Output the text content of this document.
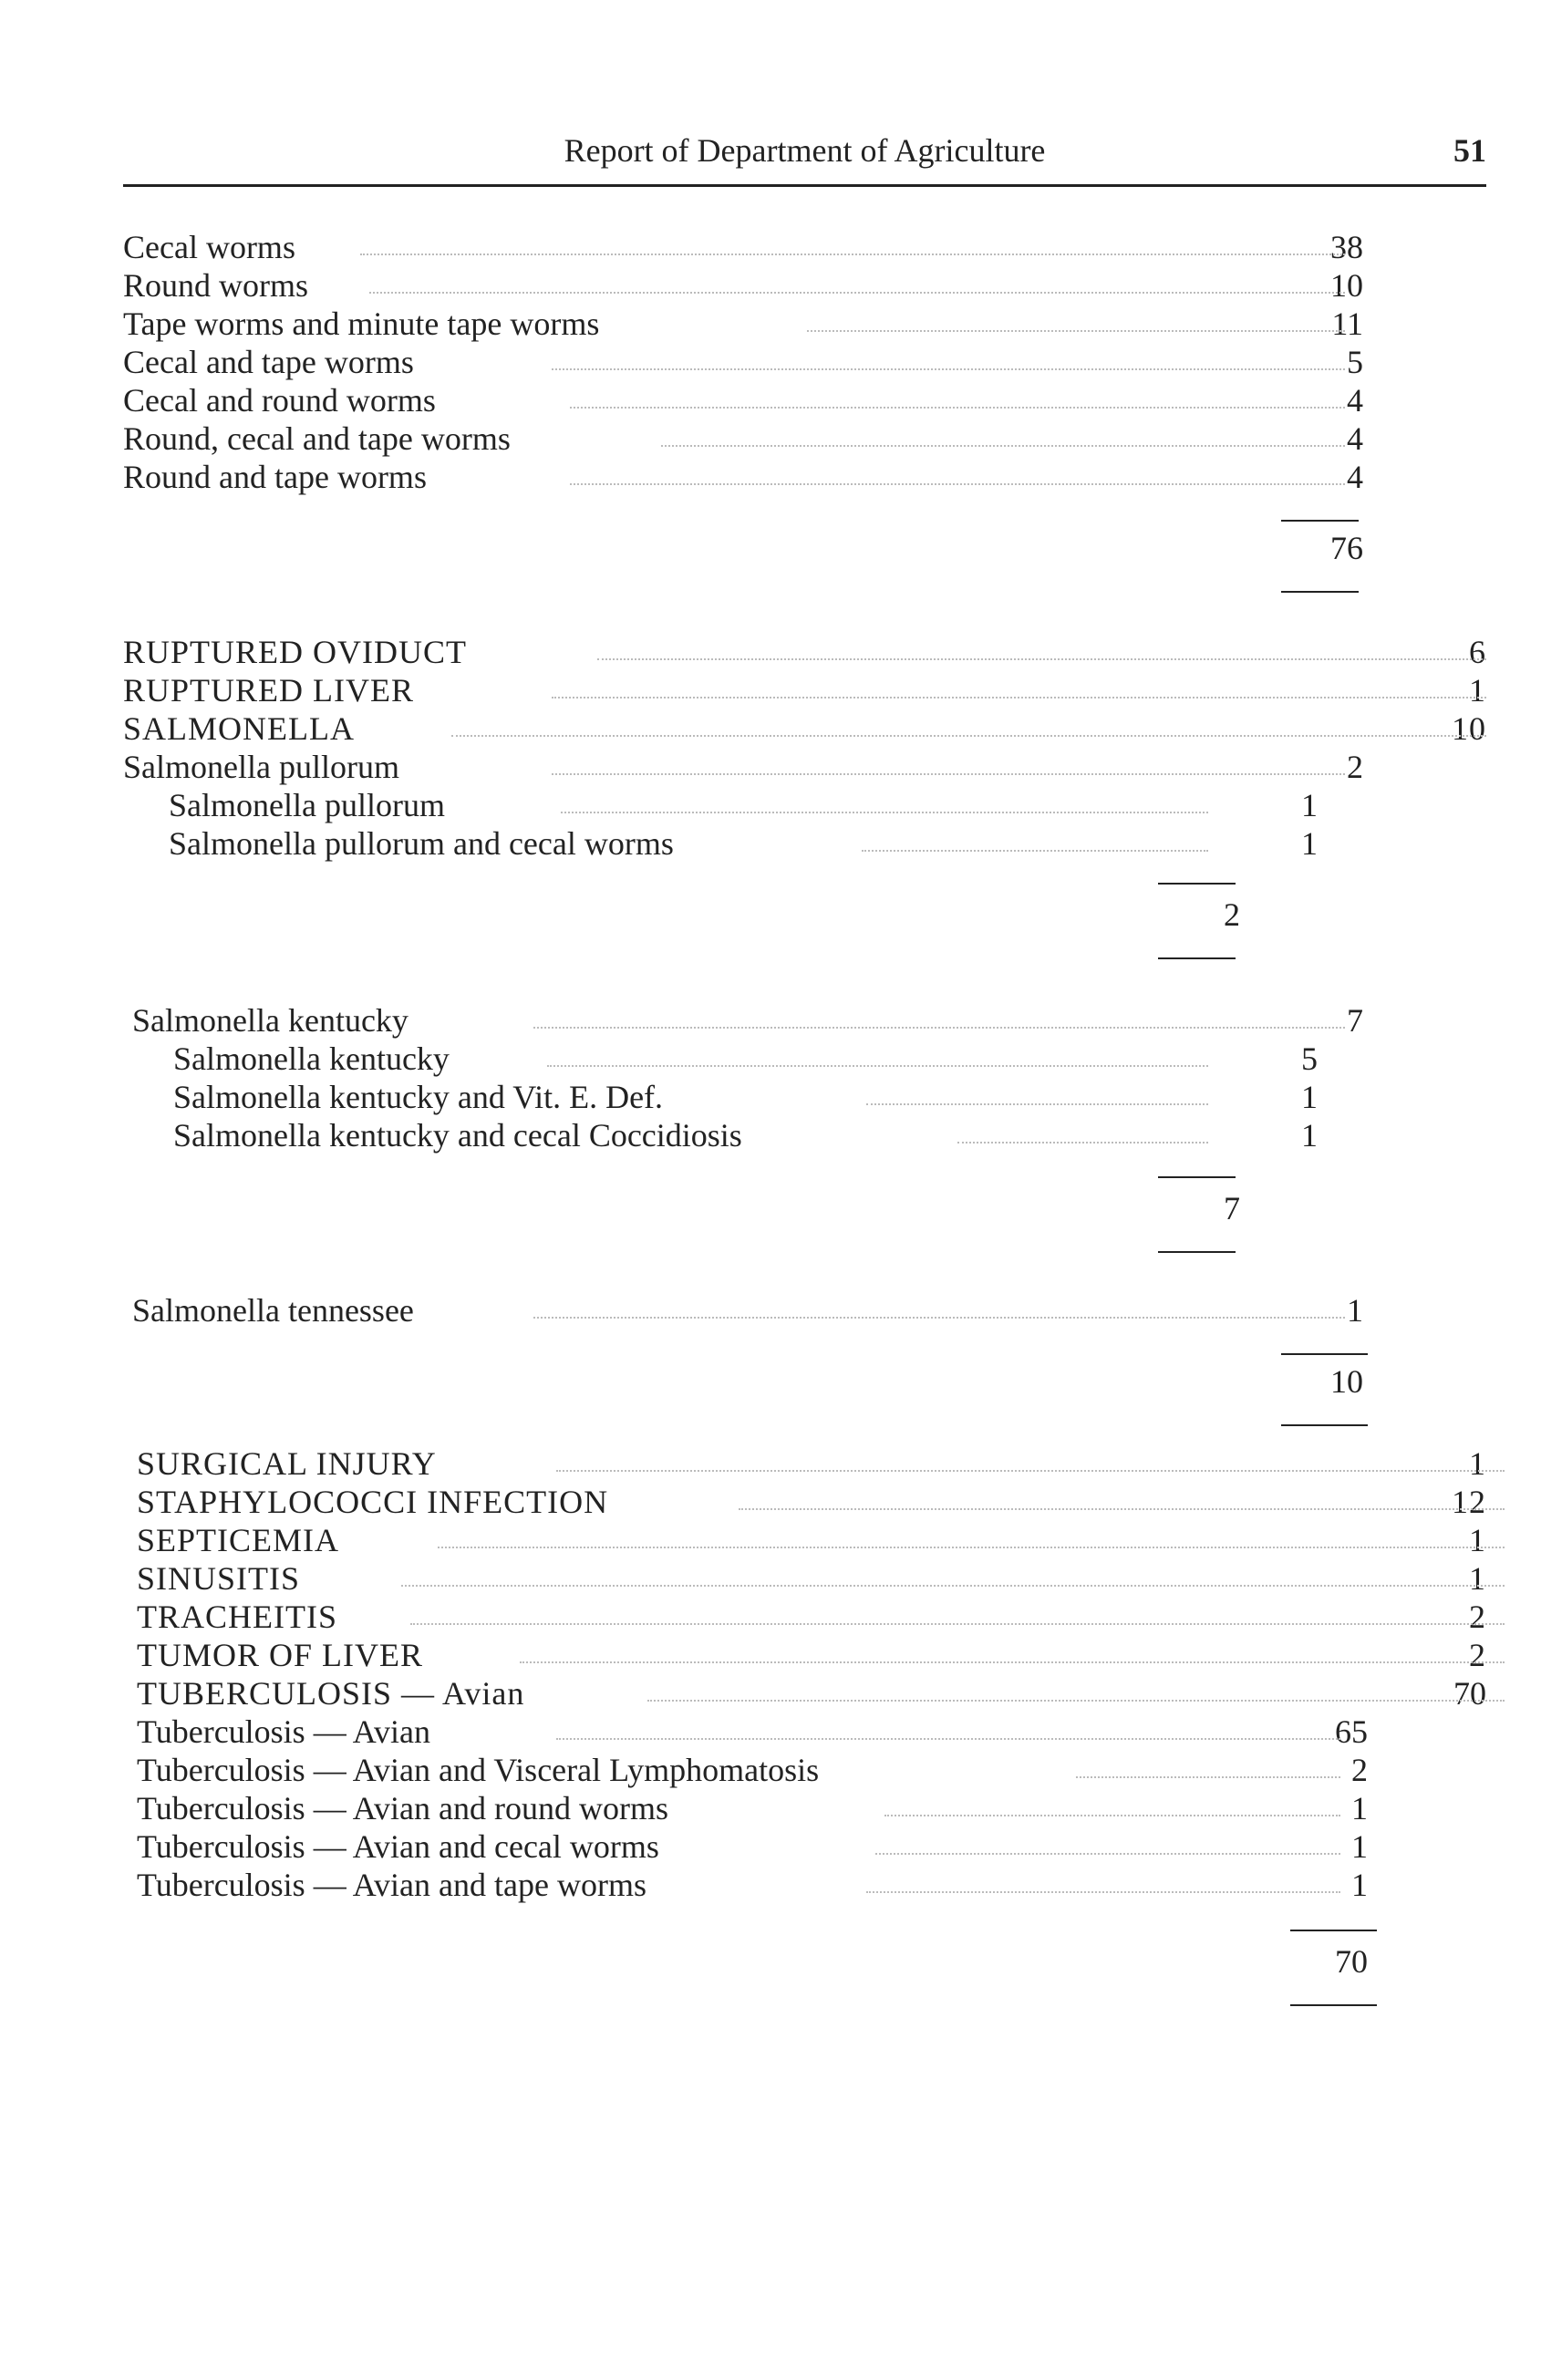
Report of Department of Agriculture	51
Cecal worms	38
Round worms	10
Tape worms and minute tape worms	11
Cecal and tape worms	5
Cecal and round worms	4
Round, cecal and tape worms	4
Round and tape worms	4
76
RUPTURED OVIDUCT	6
RUPTURED LIVER	1
SALMONELLA	10
Salmonella pullorum	2
Salmonella pullorum	1
Salmonella pullorum and cecal worms	1
2
Salmonella kentucky	7
Salmonella kentucky	5
Salmonella kentucky and Vit. E. Def.	1
Salmonella kentucky and cecal Coccidiosis	1
7
Salmonella tennessee	1
10
SURGICAL INJURY	1
STAPHYLOCOCCI INFECTION	12
SEPTICEMIA	1
SINUSITIS	1
TRACHEITIS	2
TUMOR OF LIVER	2
TUBERCULOSIS — Avian	70
Tuberculosis — Avian	65
Tuberculosis — Avian and Visceral Lymphomatosis	2
Tuberculosis — Avian and round worms	1
Tuberculosis — Avian and cecal worms	1
Tuberculosis — Avian and tape worms	1
70
